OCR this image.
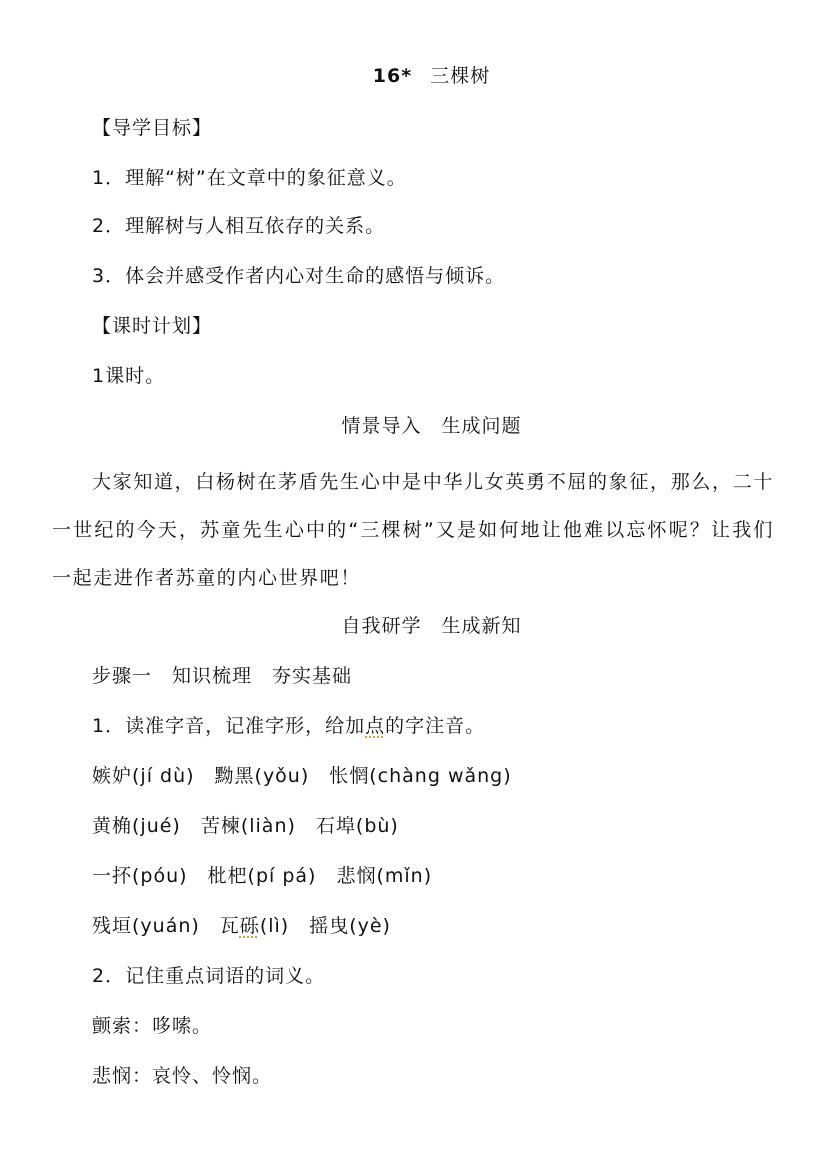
16* 三棵树
【导学目标】
1．理解“树”在文章中的象征意义。
2．理解树与人相互依存的关系。
3．体会并感受作者内心对生命的感悟与倾诉。
【课时计划】
1课时。
情景导入　生成问题
大家知道，白杨树在茅盾先生心中是中华儿女英勇不屈的象征，那么，二十一世纪的今天，苏童先生心中的“三棵树”又是如何地让他难以忘怀呢？让我们一起走进作者苏童的内心世界吧！
自我研学　生成新知
步骤一　知识梳理　夯实基础
1．读准字音，记准字形，给加点的字注音。
嫉妒(jí dù)　黝黑(yǒu)　怅惘(chàng wǎng)
黄桷(jué)　苦楝(liàn)　石埠(bù)
一抔(póu)　枇杷(pí pá)　悲悯(mǐn)
残垣(yuán)　瓦砾(lì)　摇曳(yè)
2．记住重点词语的词义。
颤索：哆嗦。
悲悯：哀怜、怜悯。
